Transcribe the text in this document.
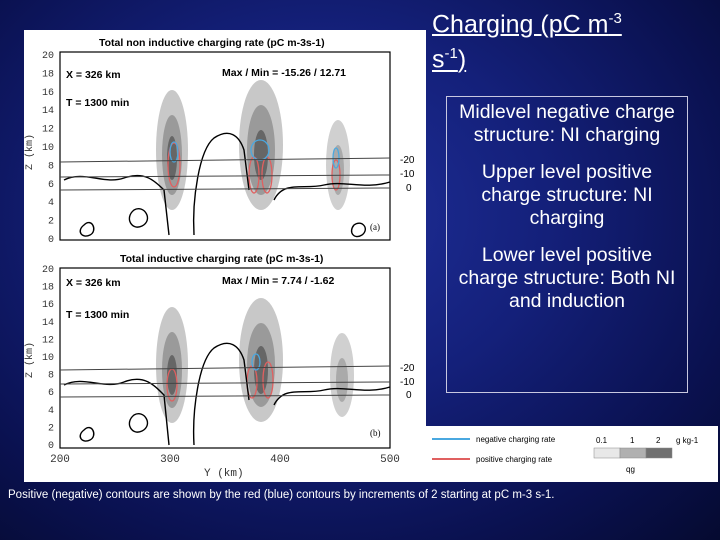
Total non inductive charging rate (pC m-3s-1)
-20
-10
0
X = 326 km	Max / Min = -15.26 / 12.71
T = 1300 min
(a)
20
18
16
14
12
10
8
6
4
2
0
Total inductive charging rate (pC m-3s-1)
-20
-10
0
X = 326 km	Max / Min = 7.74 / -1.62
T = 1300 min
(b)
20
18
16
14
12
10
8
6
4
2
0
Z (km)
Z (km)
200	300	400	500
Y (km)
Charging (pC $m^{-3}$
$s^{-1}$)
Midlevel negative charge structure: NI charging
Upper level positive charge structure: NI charging
Lower level positive charge structure: Both NI and induction
negative charging rate
positive charging rate
0.1	1	2 g kg-1
qg
Positive (negative) contours are shown by the red (blue) contours by increments of 2 starting at pC m-3 s-1.
